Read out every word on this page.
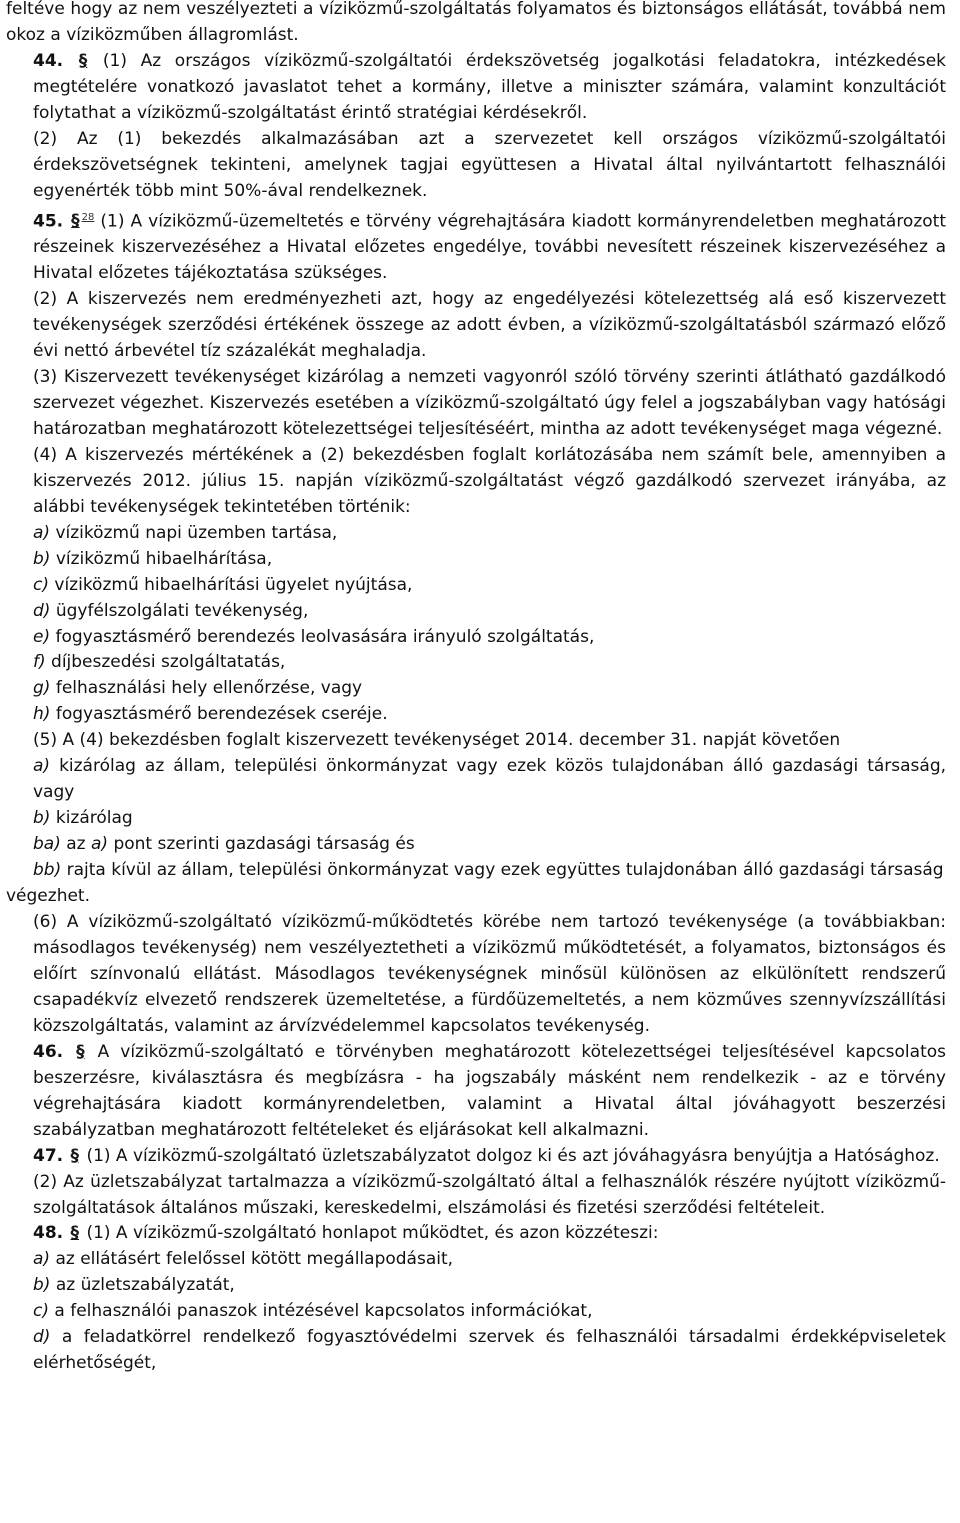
feltéve hogy az nem veszélyezteti a víziközmű-szolgáltatás folyamatos és biztonságos ellátását, továbbá nem okoz a víziközműben állagromlást.

44. § (1) Az országos víziközmű-szolgáltatói érdekszövetség jogalkotási feladatokra, intézkedések megtételére vonatkozó javaslatot tehet a kormány, illetve a miniszter számára, valamint konzultációt folytathat a víziközmű-szolgáltatást érintő stratégiai kérdésekről.

(2) Az (1) bekezdés alkalmazásában azt a szervezetet kell országos víziközmű-szolgáltatói érdekszövetségnek tekinteni, amelynek tagjai együttesen a Hivatal által nyilvántartott felhasználói egyenérték több mint 50%-ával rendelkeznek.

45. § $^{28}$ (1) A víziközmű-üzemeltetés e törvény végrehajtására kiadott kormányrendeletben meghatározott részeinek kiszervezéséhez a Hivatal előzetes engedélye, további nevesített részeinek kiszervezéséhez a Hivatal előzetes tájékoztatása szükséges.

(2) A kiszervezés nem eredményezheti azt, hogy az engedélyezési kötelezettség alá eső kiszervezett tevékenységek szerződési értékének összege az adott évben, a víziközmű-szolgáltatásból származó előző évi nettó árbevétel tíz százalékát meghaladja.

(3) Kiszervezett tevékenységet kizárólag a nemzeti vagyonról szóló törvény szerinti átlátható gazdálkodó szervezet végezhet. Kiszervezés esetében a víziközmű-szolgáltató úgy felel a jogszabályban vagy hatósági határozatban meghatározott kötelezettségei teljesítéséért, mintha az adott tevékenységet maga végezné.

(4) A kiszervezés mértékének a (2) bekezdésben foglalt korlátozásába nem számít bele, amennyiben a kiszervezés 2012. július 15. napján víziközmű-szolgáltatást végző gazdálkodó szervezet irányába, az alábbi tevékenységek tekintetében történik:

a) víziközmű napi üzemben tartása,

b) víziközmű hibaelhárítása,

c) víziközmű hibaelhárítási ügyelet nyújtása,

d) ügyfélszolgálati tevékenység,

e) fogyasztásmérő berendezés leolvasására irányuló szolgáltatás,

f) díjbeszedési szolgáltatatás,

g) felhasználási hely ellenőrzése, vagy

h) fogyasztásmérő berendezések cseréje.

(5) A (4) bekezdésben foglalt kiszervezett tevékenységet 2014. december 31. napját követően

a) kizárólag az állam, települési önkormányzat vagy ezek közös tulajdonában álló gazdasági társaság, vagy

b) kizárólag

ba) az a) pont szerinti gazdasági társaság és

bb) rajta kívül az állam, települési önkormányzat vagy ezek együttes tulajdonában álló gazdasági társaság

végezhet.

(6) A víziközmű-szolgáltató víziközmű-működtetés körébe nem tartozó tevékenysége (a továbbiakban: másodlagos tevékenység) nem veszélyeztetheti a víziközmű működtetését, a folyamatos, biztonságos és előírt színvonalú ellátást. Másodlagos tevékenységnek minősül különösen az elkülönített rendszerű csapadékvíz elvezető rendszerek üzemeltetése, a fürdőüzemeltetés, a nem közműves szennyvízszállítási közszolgáltatás, valamint az árvízvédelemmel kapcsolatos tevékenység.

46. § A víziközmű-szolgáltató e törvényben meghatározott kötelezettségei teljesítésével kapcsolatos beszerzésre, kiválasztásra és megbízásra - ha jogszabály másként nem rendelkezik - az e törvény végrehajtására kiadott kormányrendeletben, valamint a Hivatal által jóváhagyott beszerzési szabályzatban meghatározott feltételeket és eljárásokat kell alkalmazni.

47. § (1) A víziközmű-szolgáltató üzletszabályzatot dolgoz ki és azt jóváhagyásra benyújtja a Hatósághoz.

(2) Az üzletszabályzat tartalmazza a víziközmű-szolgáltató által a felhasználók részére nyújtott víziközmű-szolgáltatások általános műszaki, kereskedelmi, elszámolási és fizetési szerződési feltételeit.

48. § (1) A víziközmű-szolgáltató honlapot működtet, és azon közzéteszi:

a) az ellátásért felelőssel kötött megállapodásait,

b) az üzletszabályzatát,

c) a felhasználói panaszok intézésével kapcsolatos információkat,

d) a feladatkörrel rendelkező fogyasztóvédelmi szervek és felhasználói társadalmi érdekképviseletek elérhetőségét,
